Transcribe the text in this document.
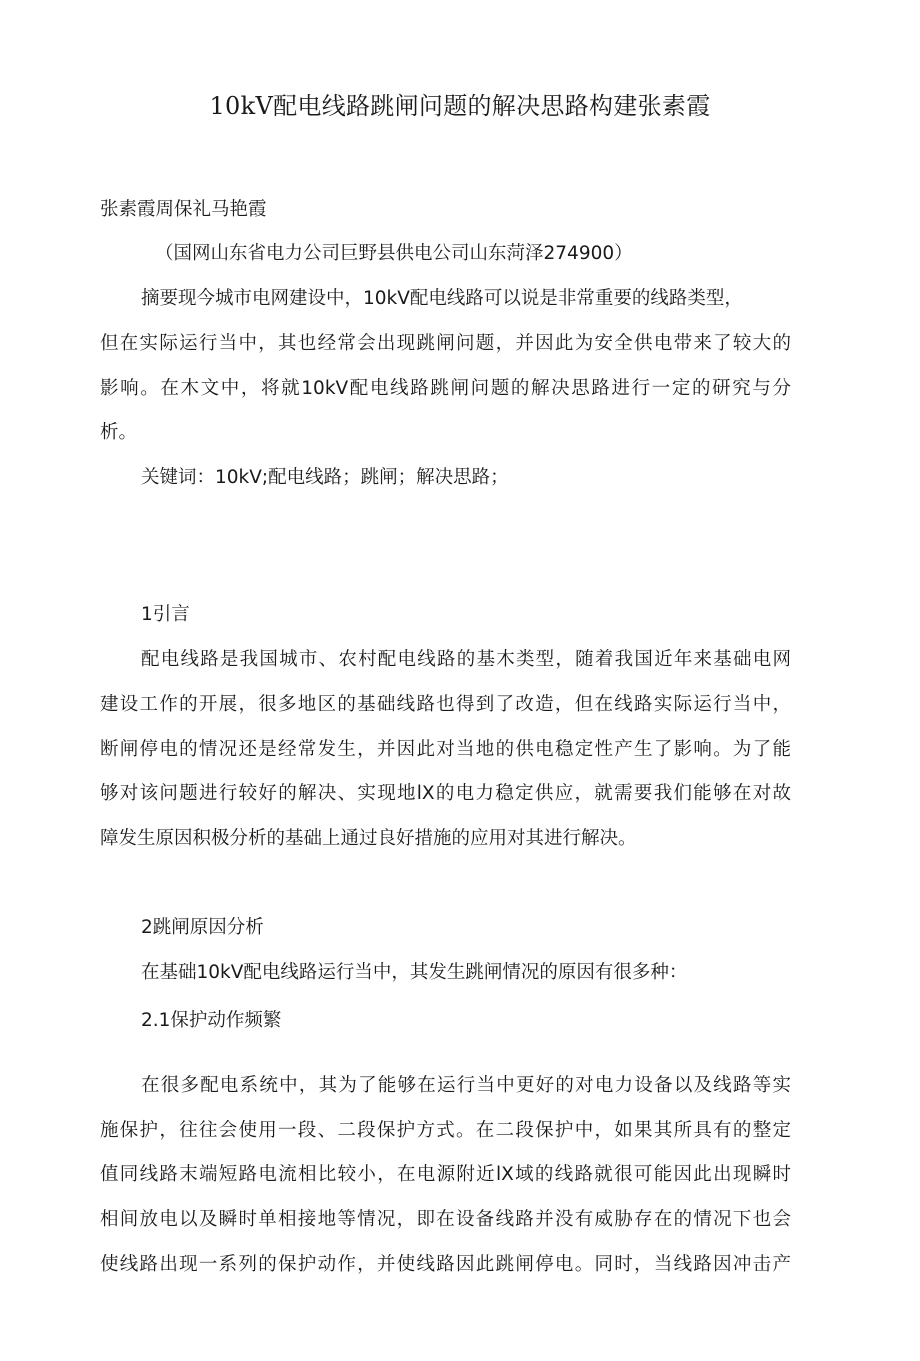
10kV配电线路跳闸问题的解决思路构建张素霞
张素霞周保礼马艳霞
（国网山东省电力公司巨野县供电公司山东菏泽274900）
摘要现今城市电网建设中，10kV配电线路可以说是非常重要的线路类型，
但在实际运行当中，其也经常会出现跳闸问题，并因此为安全供电带来了较大的
影响。在木文中，将就10kV配电线路跳闸问题的解决思路进行一定的研究与分
析。
关键词：10kV;配电线路；跳闸；解决思路；
1引言
配电线路是我国城市、农村配电线路的基木类型，随着我国近年来基础电网
建设工作的开展，很多地区的基础线路也得到了改造，但在线路实际运行当中，
断闸停电的情况还是经常发生，并因此对当地的供电稳定性产生了影响。为了能
够对该问题进行较好的解决、实现地lX的电力稳定供应，就需要我们能够在对故
障发生原因积极分析的基础上通过良好措施的应用对其进行解决。
2跳闸原因分析
在基础10kV配电线路运行当中，其发生跳闸情况的原因有很多种：
2.1保护动作频繁
在很多配电系统中，其为了能够在运行当中更好的对电力设备以及线路等实
施保护，往往会使用一段、二段保护方式。在二段保护中，如果其所具有的整定
值同线路末端短路电流相比较小，在电源附近lX域的线路就很可能因此出现瞬时
相间放电以及瞬时单相接地等情况，即在设备线路并没有威胁存在的情况下也会
使线路出现一系列的保护动作，并使线路因此跳闸停电。同时，当线路因冲击产
